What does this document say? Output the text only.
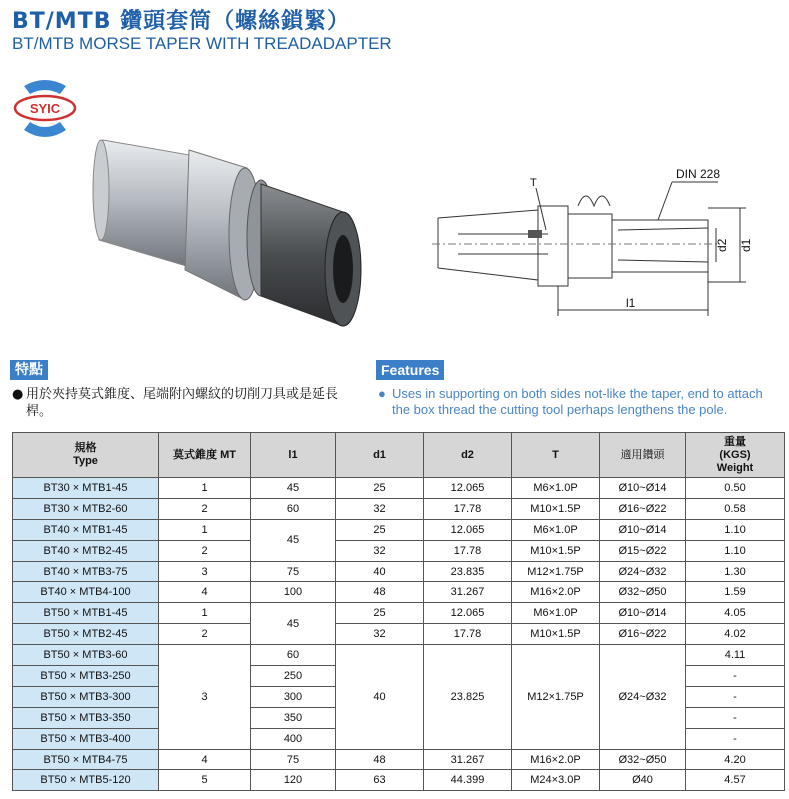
BT/MTB 鑽頭套筒（螺絲鎖緊）
BT/MTB MORSE TAPER WITH TREADADAPTER
SYIC
DIN 228
T
d2 d1
l1
特點	Features
● 用於夾持莫式錐度、尾端附內螺紋的切削刀具或是延長桿。
● Uses in supporting on both sides not-like the taper, end to attach the box thread the cutting tool perhaps lengthens the pole.
規格
Type	莫式錐度 MT	l1	d1	d2	T	適用鑽頭	重量
(KGS)
Weight
BT30 × MTB1-45	1	45	25	12.065	M6×1.0P	Ø10~Ø14	0.50
BT30 × MTB2-60	2	60	32	17.78	M10×1.5P	Ø16~Ø22	0.58
BT40 × MTB1-45	1	45	25	12.065	M6×1.0P	Ø10~Ø14	1.10
BT40 × MTB2-45	2		32	17.78	M10×1.5P	Ø15~Ø22	1.10
BT40 × MTB3-75	3	75	40	23.835	M12×1.75P	Ø24~Ø32	1.30
BT40 × MTB4-100	4	100	48	31.267	M16×2.0P	Ø32~Ø50	1.59
BT50 × MTB1-45	1	45	25	12.065	M6×1.0P	Ø10~Ø14	4.05
BT50 × MTB2-45	2		32	17.78	M10×1.5P	Ø16~Ø22	4.02
BT50 × MTB3-60	3	60	40	23.825	M12×1.75P	Ø24~Ø32	4.11
BT50 × MTB3-250		250					-
BT50 × MTB3-300		300					-
BT50 × MTB3-350		350					-
BT50 × MTB3-400		400					-
BT50 × MTB4-75	4	75	48	31.267	M16×2.0P	Ø32~Ø50	4.20
BT50 × MTB5-120	5	120	63	44.399	M24×3.0P	Ø40	4.57
